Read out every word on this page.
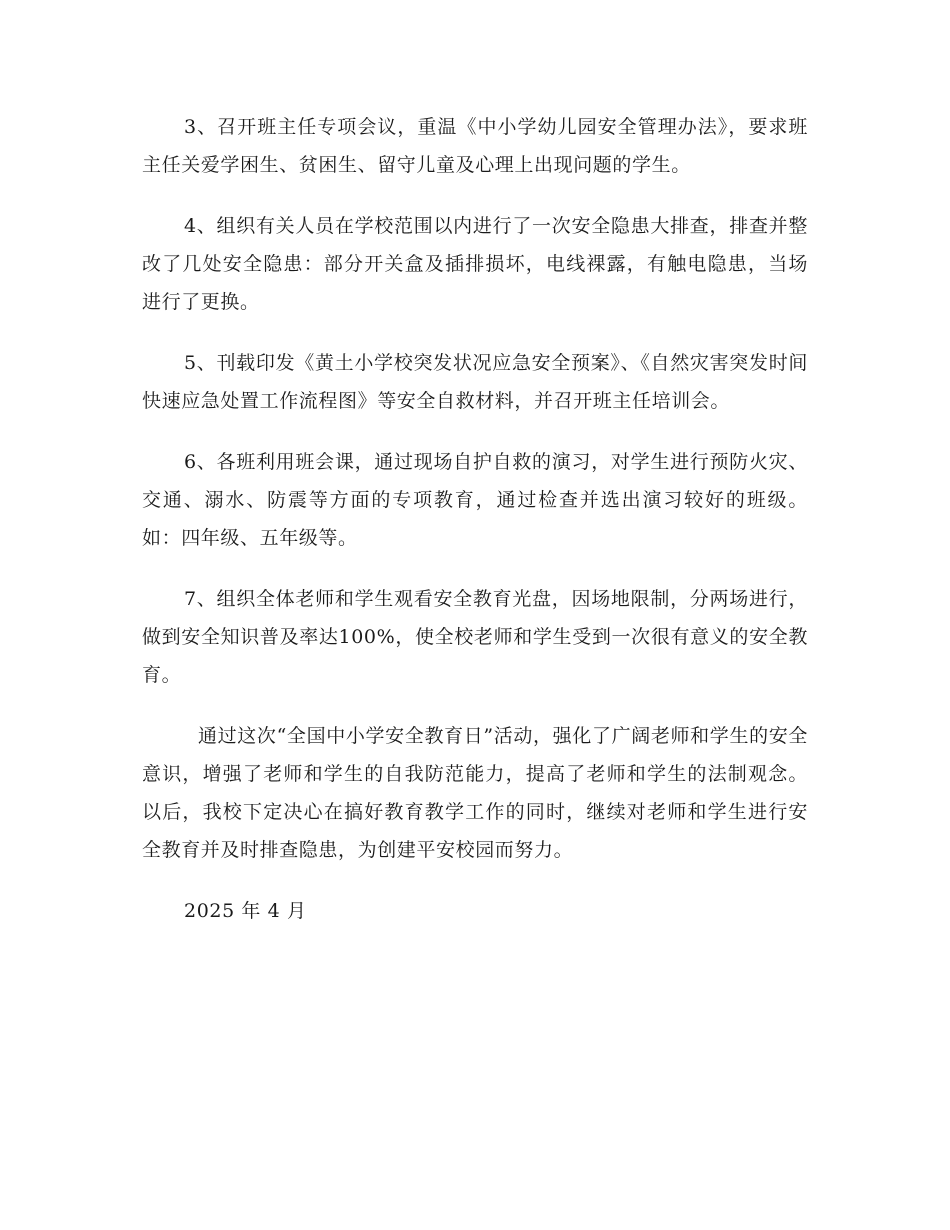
3、召开班主任专项会议，重温《中小学幼儿园安全管理办法》，要求班主任关爱学困生、贫困生、留守儿童及心理上出现问题的学生。

4、组织有关人员在学校范围以内进行了一次安全隐患大排查，排查并整改了几处安全隐患：部分开关盒及插排损坏，电线裸露，有触电隐患，当场进行了更换。

5、刊载印发《黄土小学校突发状况应急安全预案》、《自然灾害突发时间快速应急处置工作流程图》等安全自救材料，并召开班主任培训会。

6、各班利用班会课，通过现场自护自救的演习，对学生进行预防火灾、交通、溺水、防震等方面的专项教育，通过检查并选出演习较好的班级。如：四年级、五年级等。

7、组织全体老师和学生观看安全教育光盘，因场地限制，分两场进行，做到安全知识普及率达100%，使全校老师和学生受到一次很有意义的安全教育。

通过这次“全国中小学安全教育日”活动，强化了广阔老师和学生的安全意识，增强了老师和学生的自我防范能力，提高了老师和学生的法制观念。以后，我校下定决心在搞好教育教学工作的同时，继续对老师和学生进行安全教育并及时排查隐患，为创建平安校园而努力。

2025 年 4 月
